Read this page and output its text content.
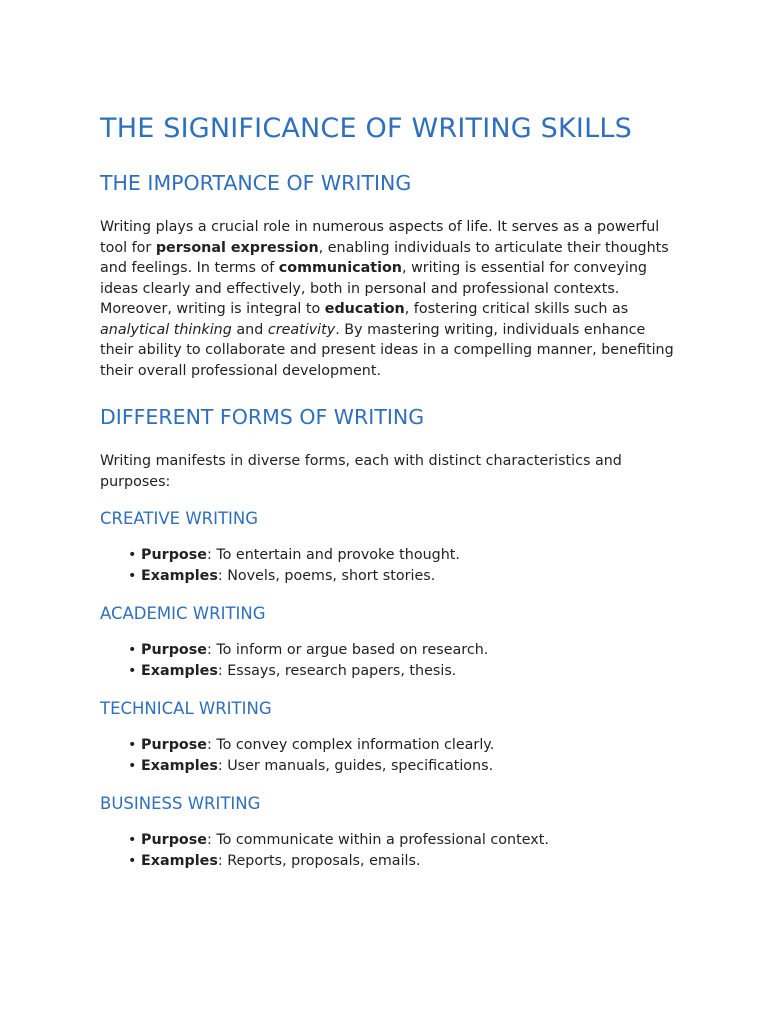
THE SIGNIFICANCE OF WRITING SKILLS
THE IMPORTANCE OF WRITING

Writing plays a crucial role in numerous aspects of life. It serves as a powerful tool for personal expression, enabling individuals to articulate their thoughts and feelings. In terms of communication, writing is essential for conveying ideas clearly and effectively, both in personal and professional contexts. Moreover, writing is integral to education, fostering critical skills such as analytical thinking and creativity. By mastering writing, individuals enhance their ability to collaborate and present ideas in a compelling manner, benefiting their overall professional development.

DIFFERENT FORMS OF WRITING

Writing manifests in diverse forms, each with distinct characteristics and purposes:

CREATIVE WRITING
• Purpose: To entertain and provoke thought.
• Examples: Novels, poems, short stories.
ACADEMIC WRITING
• Purpose: To inform or argue based on research.
• Examples: Essays, research papers, thesis.
TECHNICAL WRITING
• Purpose: To convey complex information clearly.
• Examples: User manuals, guides, specifications.
BUSINESS WRITING
• Purpose: To communicate within a professional context.
• Examples: Reports, proposals, emails.
